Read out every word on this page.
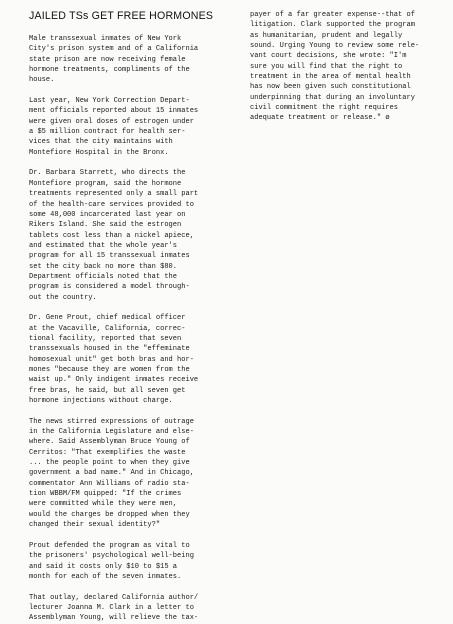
JAILED TSs GET FREE HORMONES
Male transsexual inmates of New York
City's prison system and of a California
state prison are now receiving female
hormone treatments, compliments of the
house.
Last year, New York Correction Depart-
ment officials reported about 15 inmates
were given oral doses of estrogen under
a $5 million contract for health ser-
vices that the city maintains with
Montefiore Hospital in the Bronx.
Dr. Barbara Starrett, who directs the
Montefiore program, said the hormone
treatments represented only a small part
of the health-care services provided to
some 48,000 incarcerated last year on
Rikers Island. She said the estrogen
tablets cost less than a nickel apiece,
and estimated that the whole year's
program for all 15 transsexual inmates
set the city back no more than $80.
Department officials noted that the
program is considered a model through-
out the country.
Dr. Gene Prout, chief medical officer
at the Vacaville, California, correc-
tional facility, reported that seven
transsexuals housed in the "effeminate
homosexual unit" get both bras and hor-
mones "because they are women from the
waist up." Only indigent inmates receive
free bras, he said, but all seven get
hormone injections without charge.
The news stirred expressions of outrage
in the California Legislature and else-
where. Said Assemblyman Bruce Young of
Cerritos: "That exemplifies the waste
... the people point to when they give
government a bad name." And in Chicago,
commentator Ann Williams of radio sta-
tion WBBM/FM quipped: "If the crimes
were committed while they were men,
would the charges be dropped when they
changed their sexual identity?"
Prout defended the program as vital to
the prisoners' psychological well-being
and said it costs only $10 to $15 a
month for each of the seven inmates.
That outlay, declared California author/
lecturer Joanna M. Clark in a letter to
Assemblyman Young, will relieve the tax-
payer of a far greater expense--that of
litigation. Clark supported the program
as humanitarian, prudent and legally
sound. Urging Young to review some rele-
vant court decisions, she wrote: "I'm
sure you will find that the right to
treatment in the area of mental health
has now been given such constitutional
underpinning that during an involuntary
civil commitment the right requires
adequate treatment or release." ø
